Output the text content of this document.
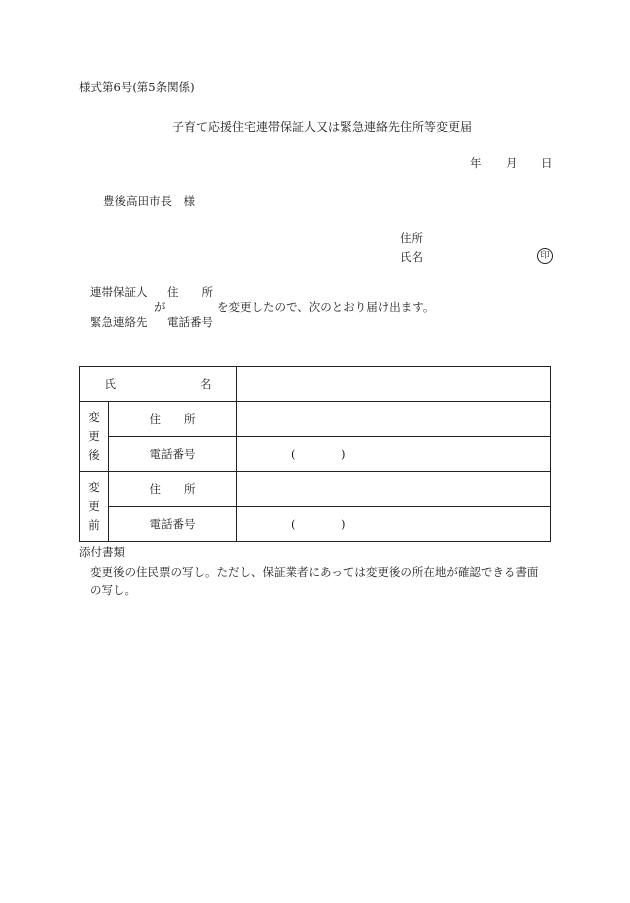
様式第6号(第5条関係)
子育て応援住宅連帯保証人又は緊急連絡先住所等変更届
年 月 日
豊後高田市長　様
住所
氏名	印
連帯保証人 住　　所
が	を変更したので、次のとおり届け出ます。
緊急連絡先 電話番号
氏 名		

変
更
後	住　　所	
	電話番号	( )

変
更
前	住　　所	
	電話番号	( )
添付書類
変更後の住民票の写し。ただし、保証業者にあっては変更後の所在地が確認できる書面
の写し。
